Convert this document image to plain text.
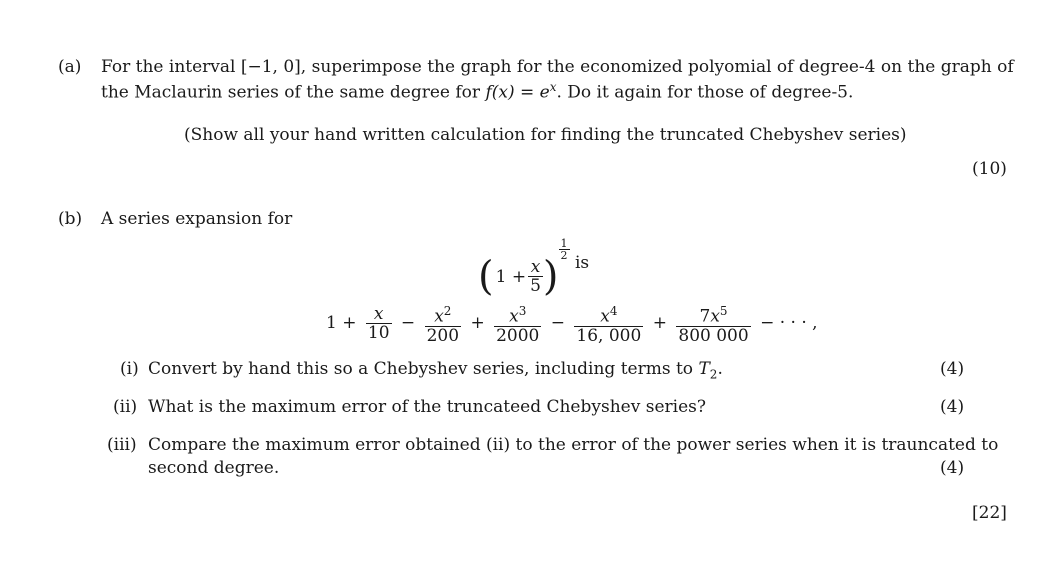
(a) For the interval [−1, 0], superimpose the graph for the economized polyomial of degree-4 on the graph of
the Maclaurin series of the same degree for $f(x) = e^x$. Do it again for those of degree-5.
(Show all your hand written calculation for finding the truncated Chebyshev series)
(10)
(b) A series expansion for
( $1 + \frac{x}{5}$ )
$\frac{1}{2}$
is
$1 + \frac{x}{10} - \frac{x^2}{200} + \frac{x^3}{2000} - \frac{x^4}{16, 000} + \frac{7x^5}{800 000}$ − · · · ,
(i) Convert by hand this so a Chebyshev series, including terms to $T_2$.	(4)
(ii) What is the maximum error of the truncateed Chebyshev series?	(4)
(iii) Compare the maximum error obtained (ii) to the error of the power series when it is trauncated to
second degree.	(4)
[22]
